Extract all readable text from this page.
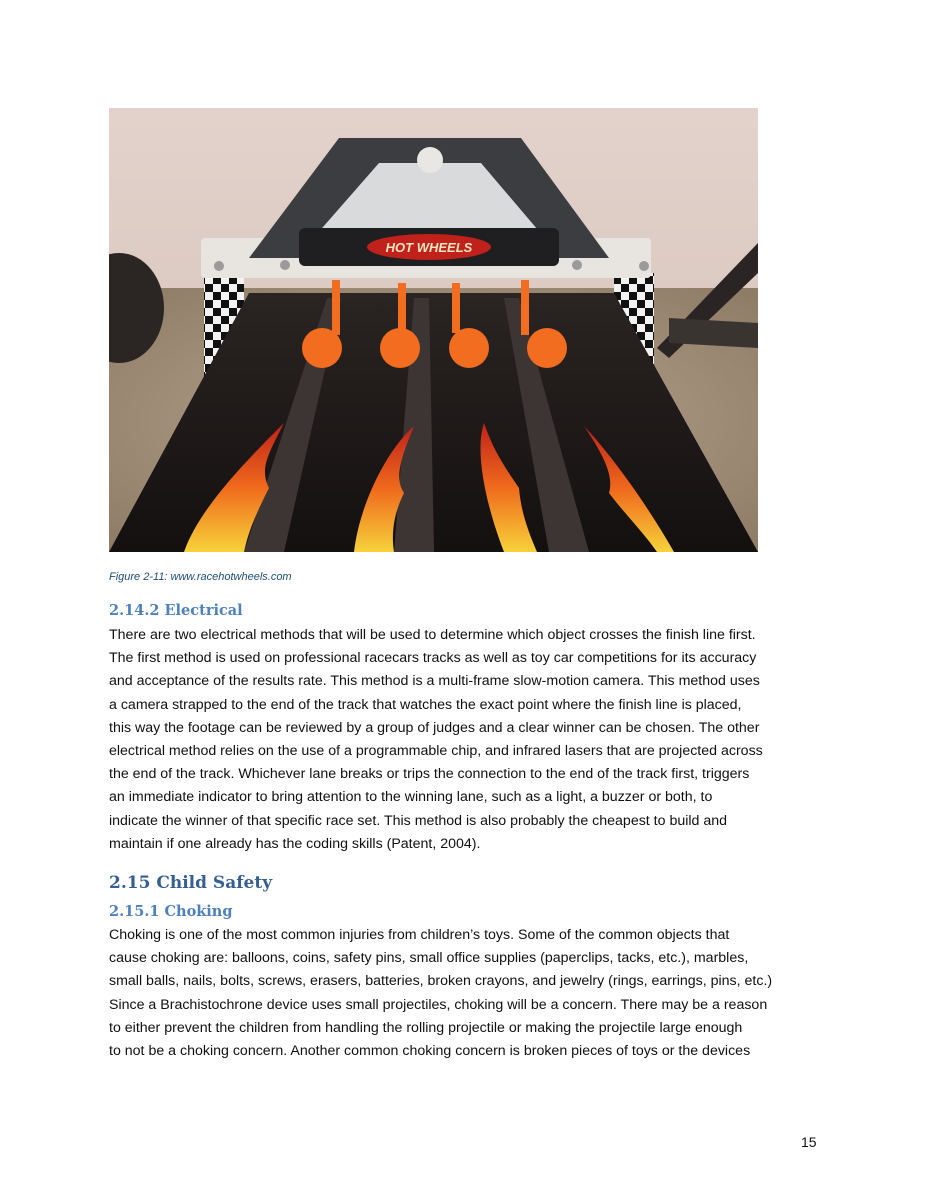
HOT WHEELS
Figure 2-11: www.racehotwheels.com
2.14.2 Electrical
There are two electrical methods that will be used to determine which object crosses the finish line first.
The first method is used on professional racecars tracks as well as toy car competitions for its accuracy
and acceptance of the results rate. This method is a multi-frame slow-motion camera. This method uses
a camera strapped to the end of the track that watches the exact point where the finish line is placed,
this way the footage can be reviewed by a group of judges and a clear winner can be chosen. The other
electrical method relies on the use of a programmable chip, and infrared lasers that are projected across
the end of the track. Whichever lane breaks or trips the connection to the end of the track first, triggers
an immediate indicator to bring attention to the winning lane, such as a light, a buzzer or both, to
indicate the winner of that specific race set. This method is also probably the cheapest to build and
maintain if one already has the coding skills (Patent, 2004).
2.15 Child Safety
2.15.1 Choking
Choking is one of the most common injuries from children’s toys. Some of the common objects that
cause choking are: balloons, coins, safety pins, small office supplies (paperclips, tacks, etc.), marbles,
small balls, nails, bolts, screws, erasers, batteries, broken crayons, and jewelry (rings, earrings, pins, etc.)
Since a Brachistochrone device uses small projectiles, choking will be a concern. There may be a reason
to either prevent the children from handling the rolling projectile or making the projectile large enough
to not be a choking concern. Another common choking concern is broken pieces of toys or the devices
15
